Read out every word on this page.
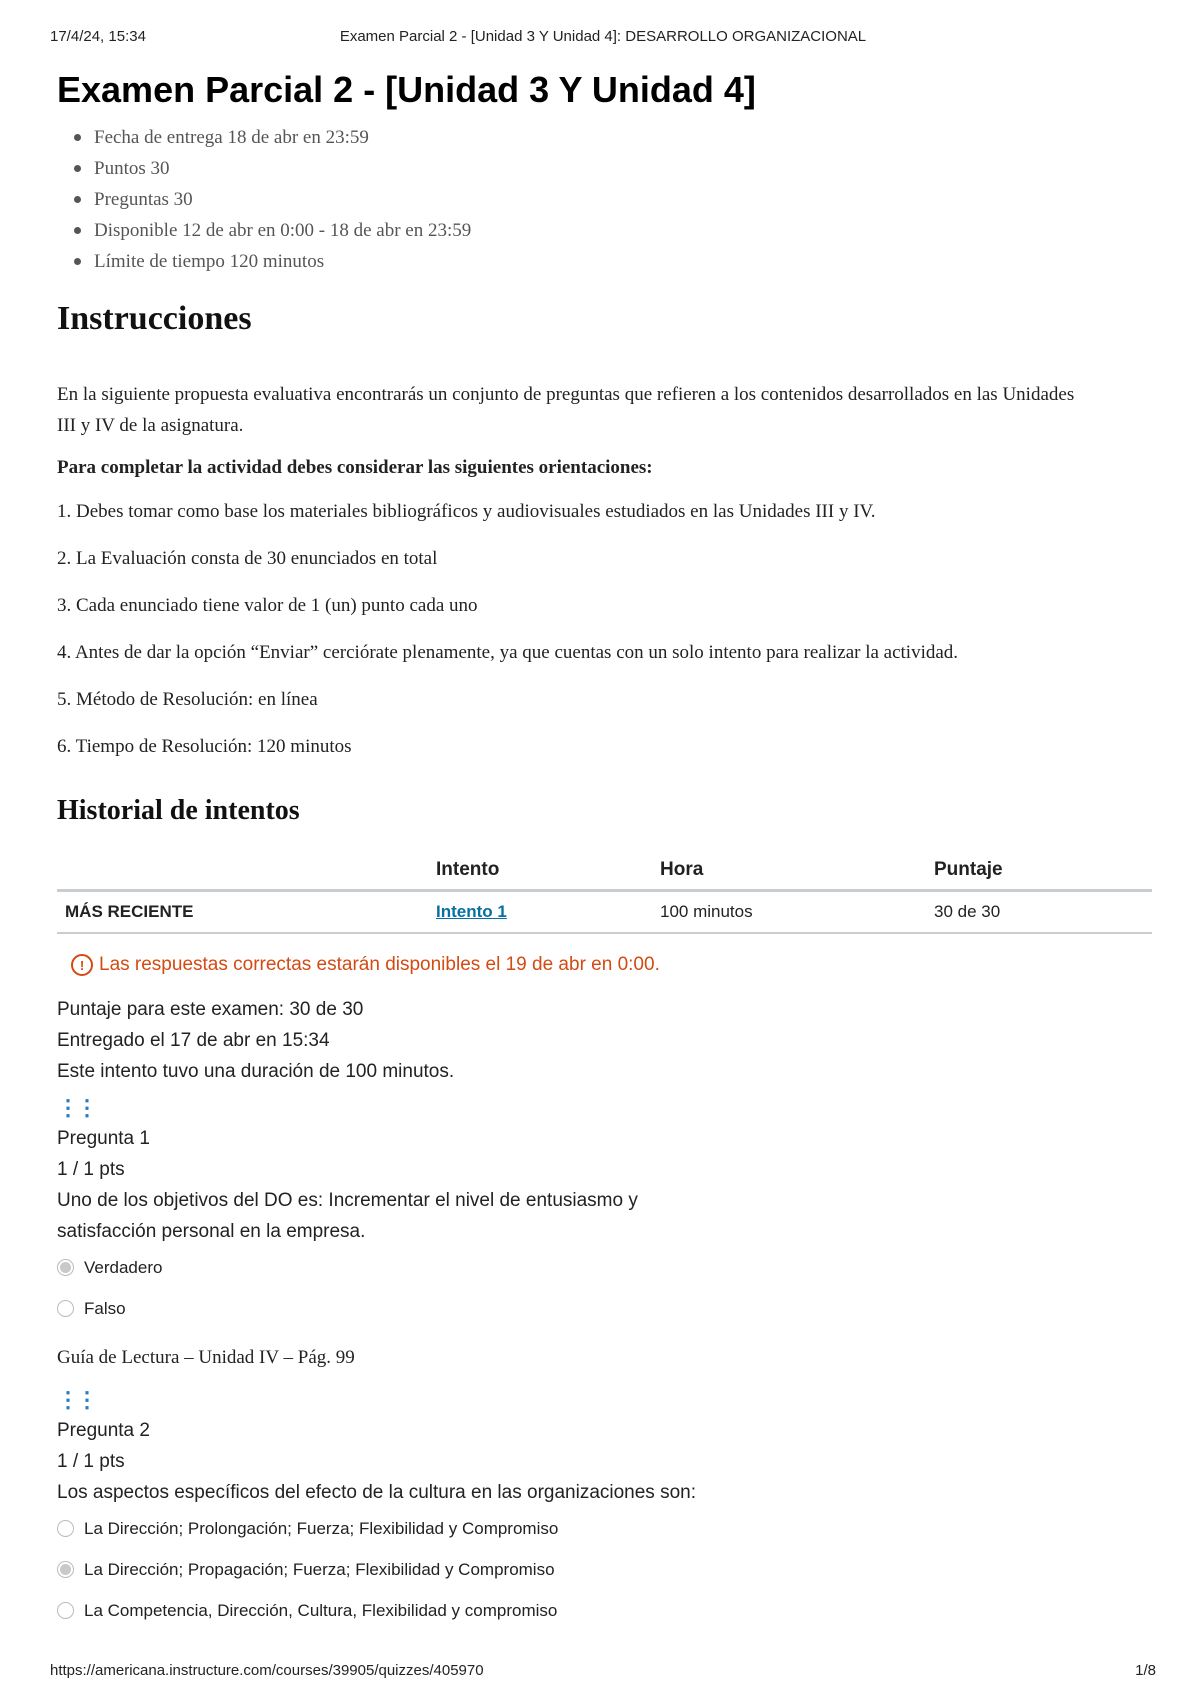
17/4/24, 15:34	Examen Parcial 2 - [Unidad 3 Y Unidad 4]: DESARROLLO ORGANIZACIONAL
Examen Parcial 2 - [Unidad 3 Y Unidad 4]
Fecha de entrega 18 de abr en 23:59
Puntos 30
Preguntas 30
Disponible 12 de abr en 0:00 - 18 de abr en 23:59
Límite de tiempo 120 minutos
Instrucciones
En la siguiente propuesta evaluativa encontrarás un conjunto de preguntas que refieren a los contenidos desarrollados en las Unidades III y IV de la asignatura.
Para completar la actividad debes considerar las siguientes orientaciones:
1. Debes tomar como base los materiales bibliográficos y audiovisuales estudiados en las Unidades III y IV.
2. La Evaluación consta de 30 enunciados en total
3. Cada enunciado tiene valor de 1 (un) punto cada uno
4. Antes de dar la opción “Enviar” cerciórate plenamente, ya que cuentas con un solo intento para realizar la actividad.
5. Método de Resolución: en línea
6. Tiempo de Resolución: 120 minutos
Historial de intentos
	Intento	Hora	Puntaje
MÁS RECIENTE	Intento 1	100 minutos	30 de 30
! Las respuestas correctas estarán disponibles el 19 de abr en 0:00.
Puntaje para este examen: 30 de 30
Entregado el 17 de abr en 15:34
Este intento tuvo una duración de 100 minutos.
⋮⋮
Pregunta 1
1 / 1 pts
Uno de los objetivos del DO es: Incrementar el nivel de entusiasmo y satisfacción personal en la empresa.
Verdadero
Falso
Guía de Lectura – Unidad IV – Pág. 99
⋮⋮
Pregunta 2
1 / 1 pts
Los aspectos específicos del efecto de la cultura en las organizaciones son:
La Dirección; Prolongación; Fuerza; Flexibilidad y Compromiso
La Dirección; Propagación; Fuerza; Flexibilidad y Compromiso
La Competencia, Dirección, Cultura, Flexibilidad y compromiso
https://americana.instructure.com/courses/39905/quizzes/405970	1/8
